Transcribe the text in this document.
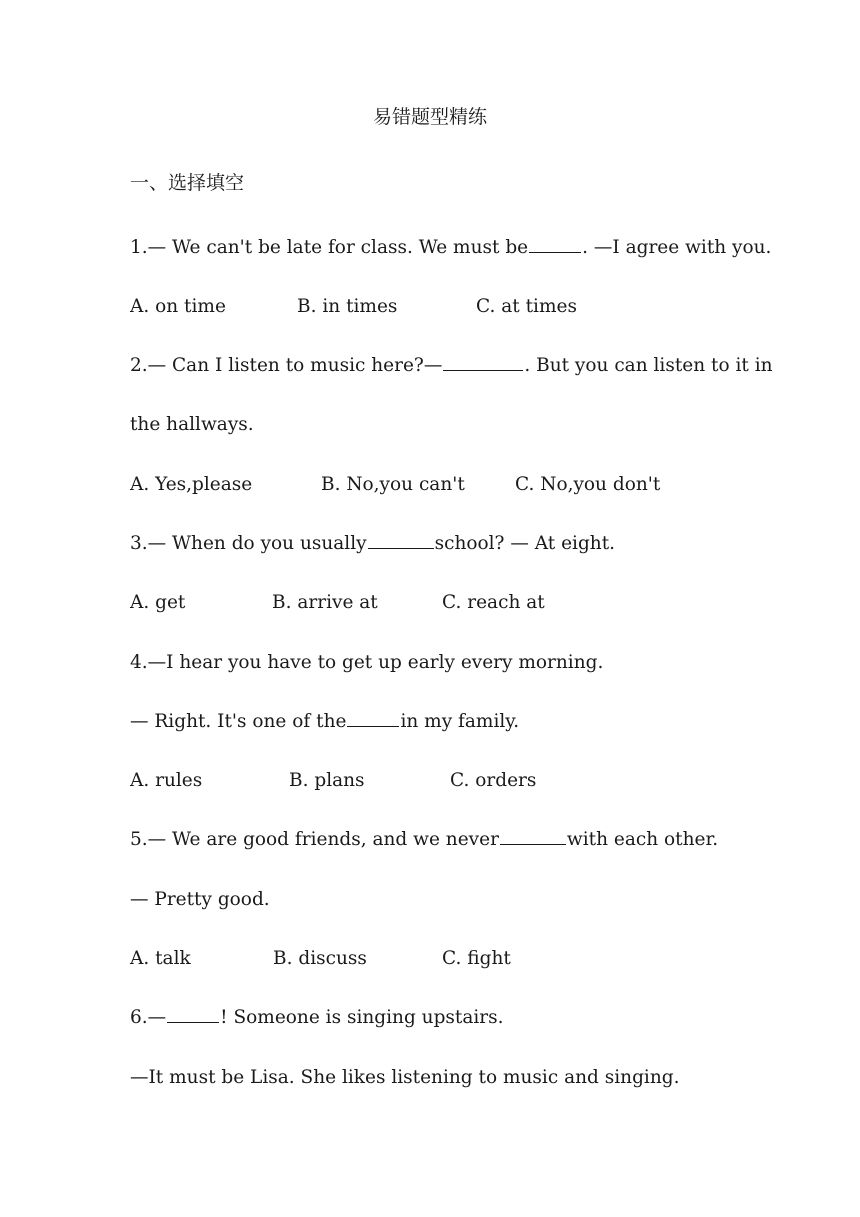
易错题型精练
一、选择填空
1.— We can't be late for class. We must be	. —I agree with you.
A. on time	B. in times	C. at times
2.— Can I listen to music here?—	. But you can listen to it in
the hallways.
A. Yes,please	B. No,you can't	C. No,you don't
3.— When do you usually	school? — At eight.
A. get	B. arrive at	C. reach at
4.—I hear you have to get up early every morning.
— Right. It's one of the	in my family.
A. rules	B. plans	C. orders
5.— We are good friends, and we never	with each other.
— Pretty good.
A. talk	B. discuss	C. fight
6.—	! Someone is singing upstairs.
—It must be Lisa. She likes listening to music and singing.
